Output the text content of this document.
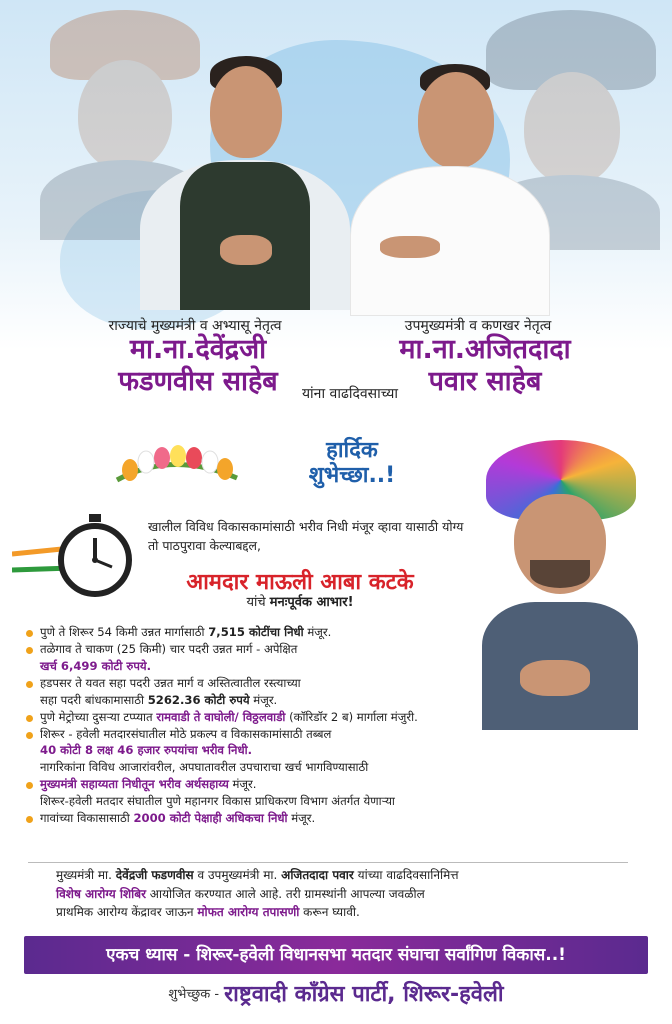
राज्याचे मुख्यमंत्री व अभ्यासू नेतृत्व
मा.ना.देवेंद्रजी
फडणवीस साहेब
उपमुख्यमंत्री व कणखर नेतृत्व
मा.ना.अजितदादा
पवार साहेब
यांना वाढदिवसाच्या
हार्दिक
शुभेच्छा..!
खालील विविध विकासकामांसाठी भरीव निधी मंजूर व्हावा यासाठी योग्य तो पाठपुरावा केल्याबद्दल,
आमदार माऊली आबा कटके
यांचे मनःपूर्वक आभार!
पुणे ते शिरूर 54 किमी उन्नत मार्गासाठी 7,515 कोटींचा निधी मंजूर.
तळेगाव ते चाकण (25 किमी) चार पदरी उन्नत मार्ग - अपेक्षित
खर्च 6,499 कोटी रुपये.
हडपसर ते यवत सहा पदरी उन्नत मार्ग व अस्तित्वातील रस्त्याच्या
सहा पदरी बांधकामासाठी 5262.36 कोटी रुपये मंजूर.
पुणे मेट्रोच्या दुसऱ्या टप्प्यात रामवाडी ते वाघोली/ विठ्ठलवाडी (कॉरिडॉर 2 ब) मार्गाला मंजुरी.
शिरूर - हवेली मतदारसंघातील मोठे प्रकल्प व विकासकामांसाठी तब्बल
40 कोटी 8 लक्ष 46 हजार रुपयांचा भरीव निधी.
नागरिकांना विविध आजारांवरील, अपघातावरील उपचाराचा खर्च भागविण्यासाठी
मुख्यमंत्री सहाय्यता निधीतून भरीव अर्थसहाय्य मंजूर.
शिरूर-हवेली मतदार संघातील पुणे महानगर विकास प्राधिकरण विभाग अंतर्गत येणाऱ्या
गावांच्या विकासासाठी 2000 कोटी पेक्षाही अधिकचा निधी मंजूर.
मुख्यमंत्री मा. देवेंद्रजी फडणवीस व उपमुख्यमंत्री मा. अजितदादा पवार यांच्या वाढदिवसानिमित्त
विशेष आरोग्य शिबिर आयोजित करण्यात आले आहे. तरी ग्रामस्थांनी आपल्या जवळील
प्राथमिक आरोग्य केंद्रावर जाऊन मोफत आरोग्य तपासणी करून घ्यावी.
एकच ध्यास - शिरूर-हवेली विधानसभा मतदार संघाचा सर्वांगिण विकास..!
शुभेच्छुक - राष्ट्रवादी काँग्रेस पार्टी, शिरूर-हवेली
